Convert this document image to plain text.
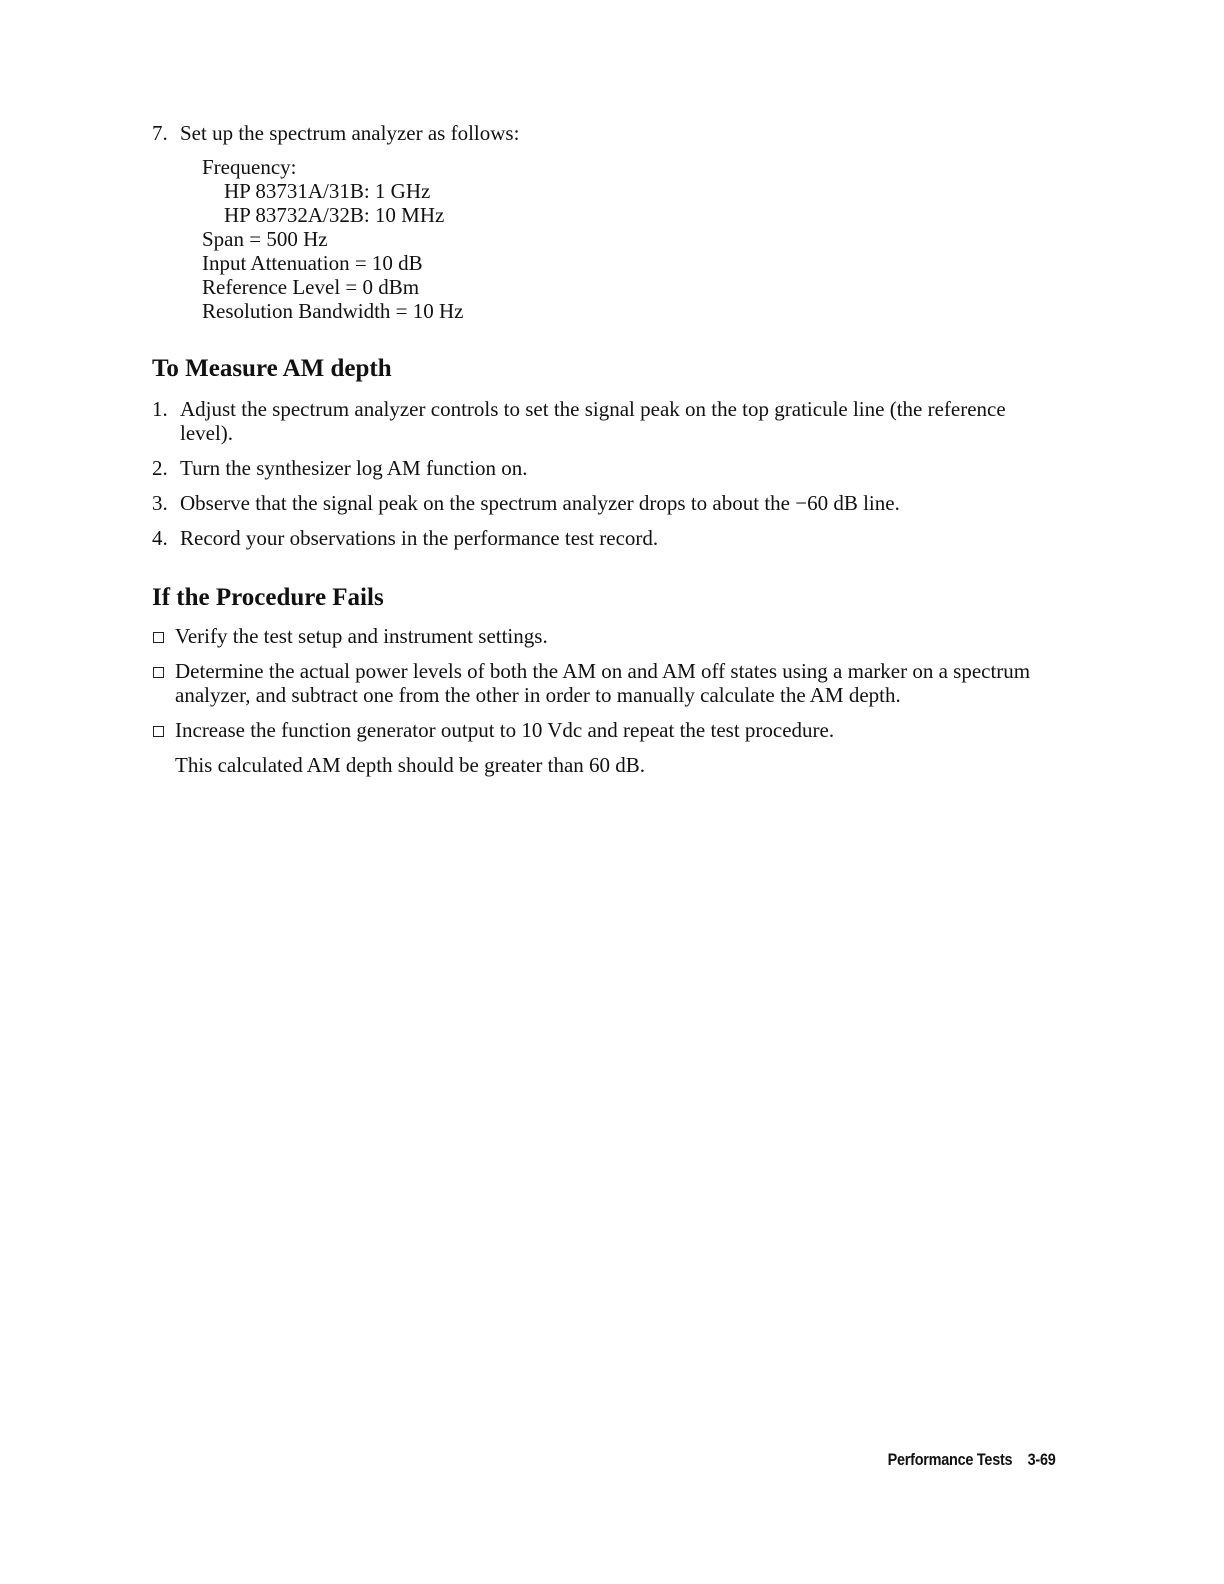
7. Set up the spectrum analyzer as follows:
Frequency:
HP 83731A/31B: 1 GHz
HP 83732A/32B: 10 MHz
Span = 500 Hz
Input Attenuation = 10 dB
Reference Level = 0 dBm
Resolution Bandwidth = 10 Hz
To Measure AM depth
1. Adjust the spectrum analyzer controls to set the signal peak on the top graticule line (the reference level).
2. Turn the synthesizer log AM function on.
3. Observe that the signal peak on the spectrum analyzer drops to about the −60 dB line.
4. Record your observations in the performance test record.
If the Procedure Fails
Verify the test setup and instrument settings.
Determine the actual power levels of both the AM on and AM off states using a marker on a spectrum analyzer, and subtract one from the other in order to manually calculate the AM depth.
Increase the function generator output to 10 Vdc and repeat the test procedure.
This calculated AM depth should be greater than 60 dB.
Performance Tests 3-69
